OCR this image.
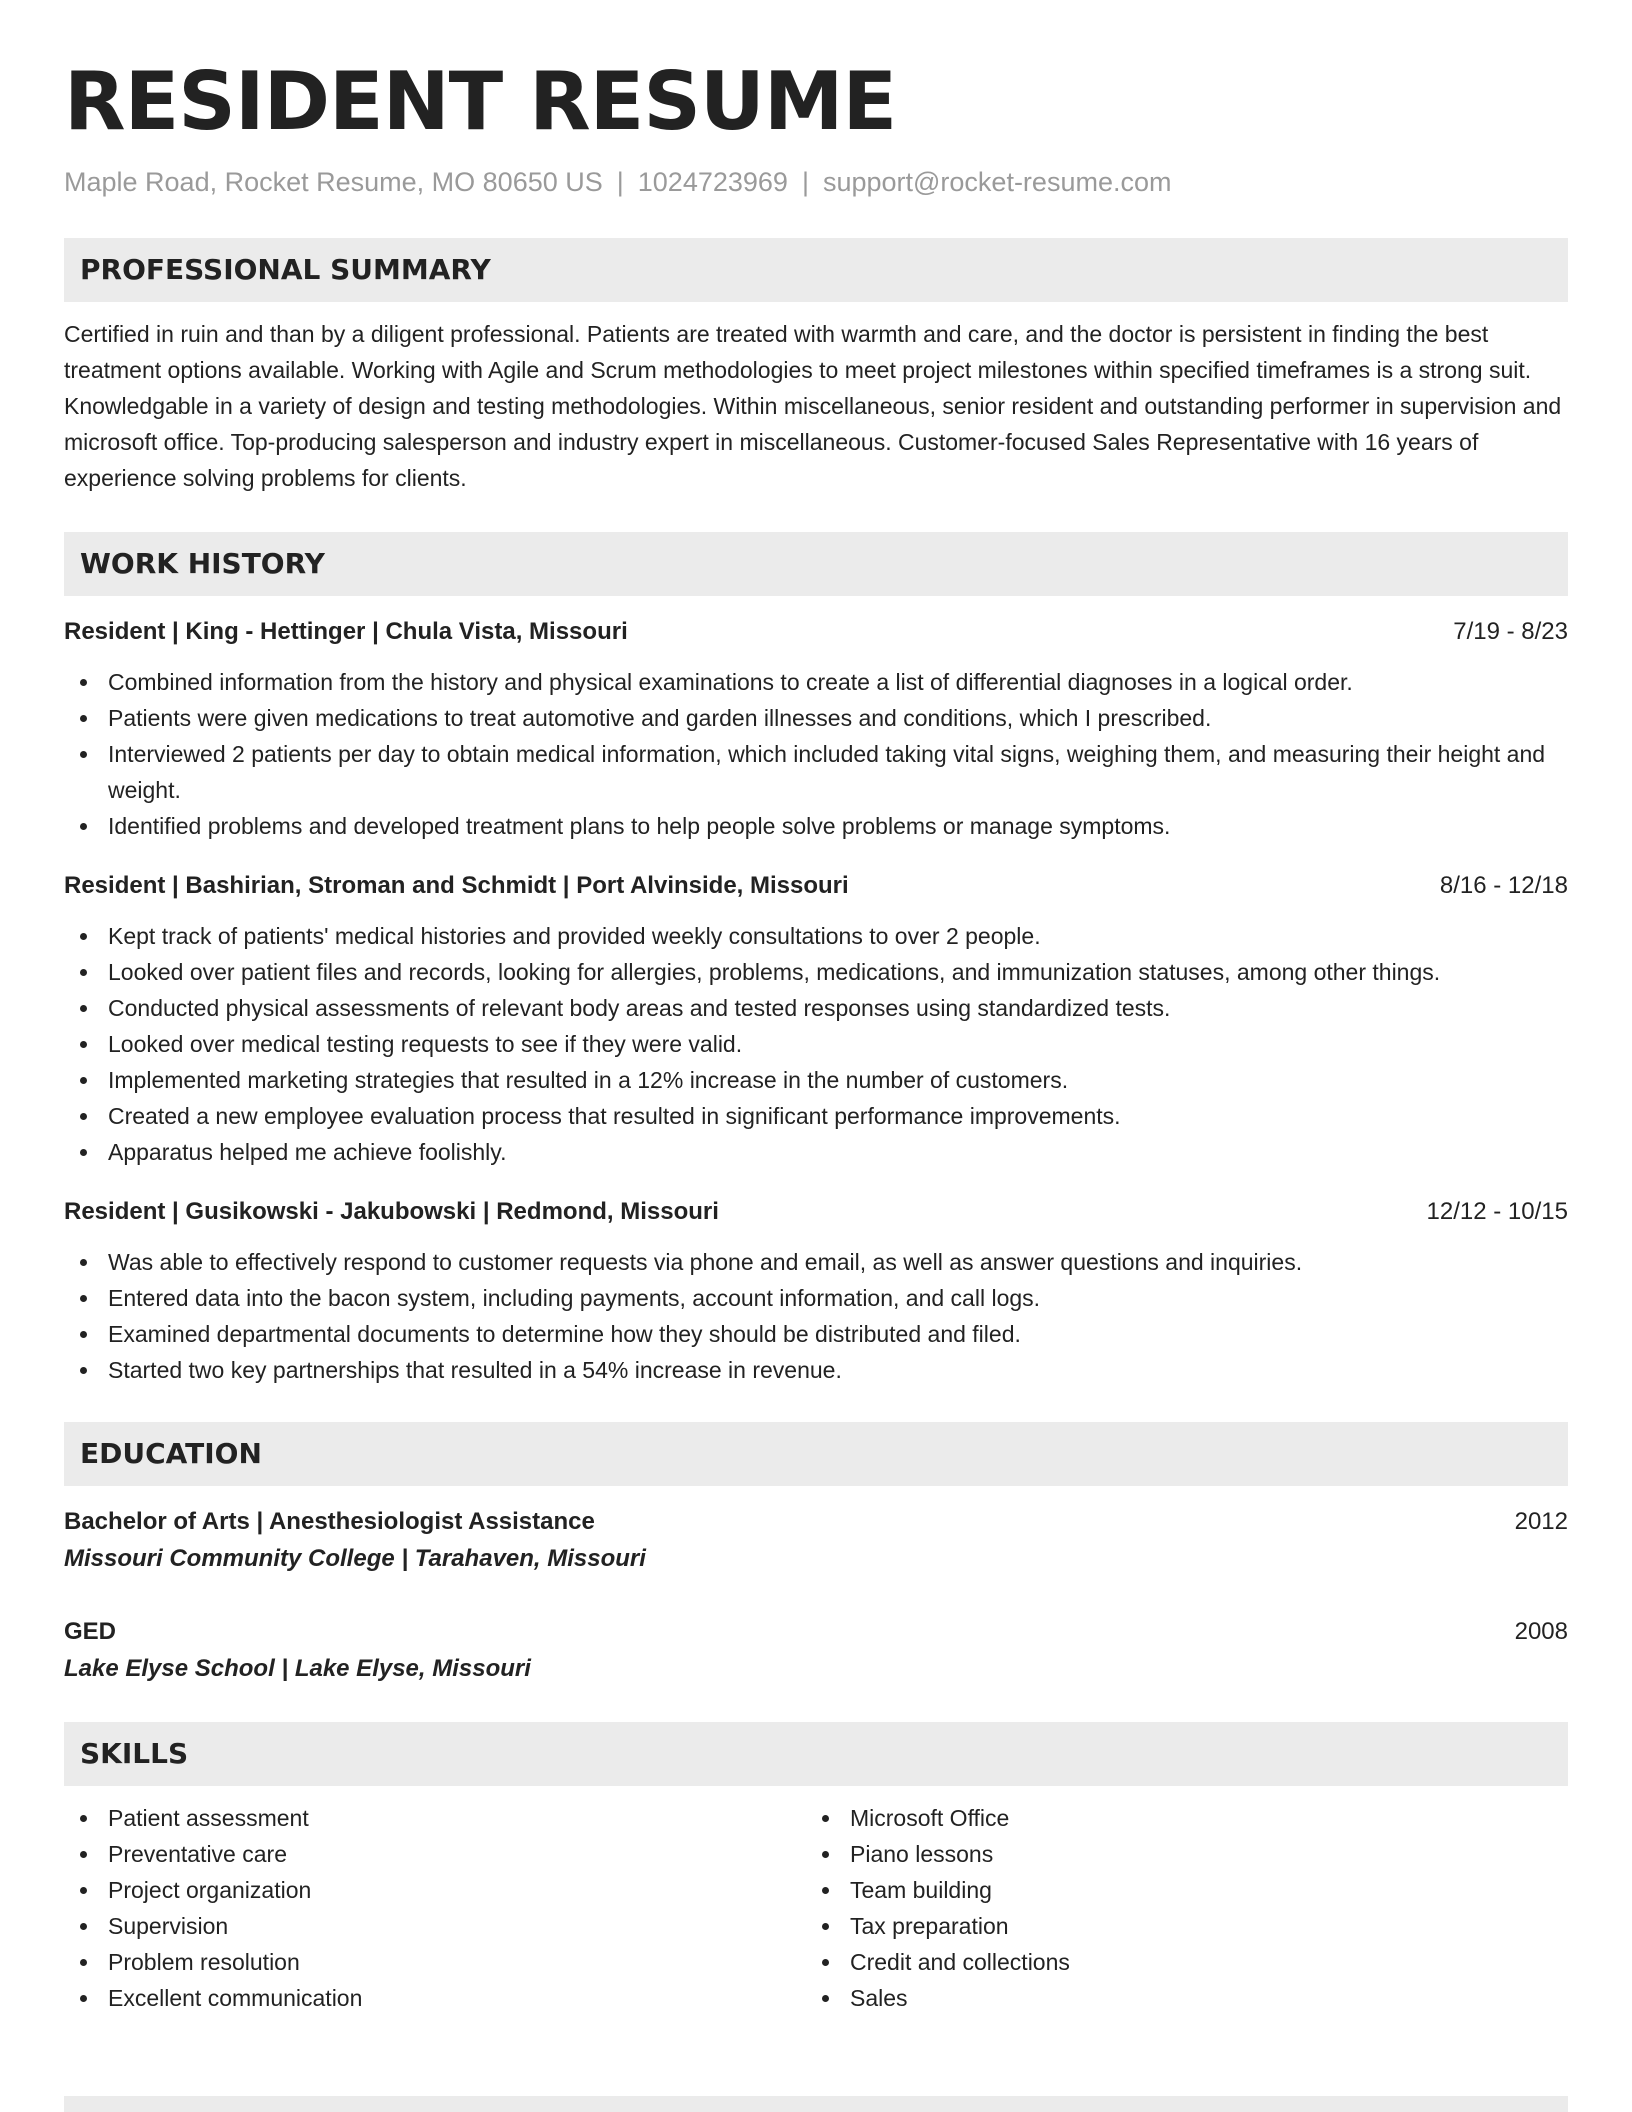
RESIDENT RESUME
Maple Road, Rocket Resume, MO 80650 US | 1024723969 | support@rocket-resume.com
PROFESSIONAL SUMMARY

Certified in ruin and than by a diligent professional. Patients are treated with warmth and care, and the doctor is persistent in finding the best treatment options available. Working with Agile and Scrum methodologies to meet project milestones within specified timeframes is a strong suit. Knowledgable in a variety of design and testing methodologies. Within miscellaneous, senior resident and outstanding performer in supervision and microsoft office. Top-producing salesperson and industry expert in miscellaneous. Customer-focused Sales Representative with 16 years of experience solving problems for clients.

WORK HISTORY
Resident | King - Hettinger | Chula Vista, Missouri	7/19 - 8/23
Combined information from the history and physical examinations to create a list of differential diagnoses in a logical order.
Patients were given medications to treat automotive and garden illnesses and conditions, which I prescribed.
Interviewed 2 patients per day to obtain medical information, which included taking vital signs, weighing them, and measuring their height and weight.
Identified problems and developed treatment plans to help people solve problems or manage symptoms.
Resident | Bashirian, Stroman and Schmidt | Port Alvinside, Missouri	8/16 - 12/18
Kept track of patients' medical histories and provided weekly consultations to over 2 people.
Looked over patient files and records, looking for allergies, problems, medications, and immunization statuses, among other things.
Conducted physical assessments of relevant body areas and tested responses using standardized tests.
Looked over medical testing requests to see if they were valid.
Implemented marketing strategies that resulted in a 12% increase in the number of customers.
Created a new employee evaluation process that resulted in significant performance improvements.
Apparatus helped me achieve foolishly.
Resident | Gusikowski - Jakubowski | Redmond, Missouri	12/12 - 10/15
Was able to effectively respond to customer requests via phone and email, as well as answer questions and inquiries.
Entered data into the bacon system, including payments, account information, and call logs.
Examined departmental documents to determine how they should be distributed and filed.
Started two key partnerships that resulted in a 54% increase in revenue.
EDUCATION
Bachelor of Arts | Anesthesiologist Assistance	2012
Missouri Community College | Tarahaven, Missouri
GED	2008
Lake Elyse School | Lake Elyse, Missouri
SKILLS
Patient assessment
Preventative care
Project organization
Supervision
Problem resolution
Excellent communication
Microsoft Office
Piano lessons
Team building
Tax preparation
Credit and collections
Sales
